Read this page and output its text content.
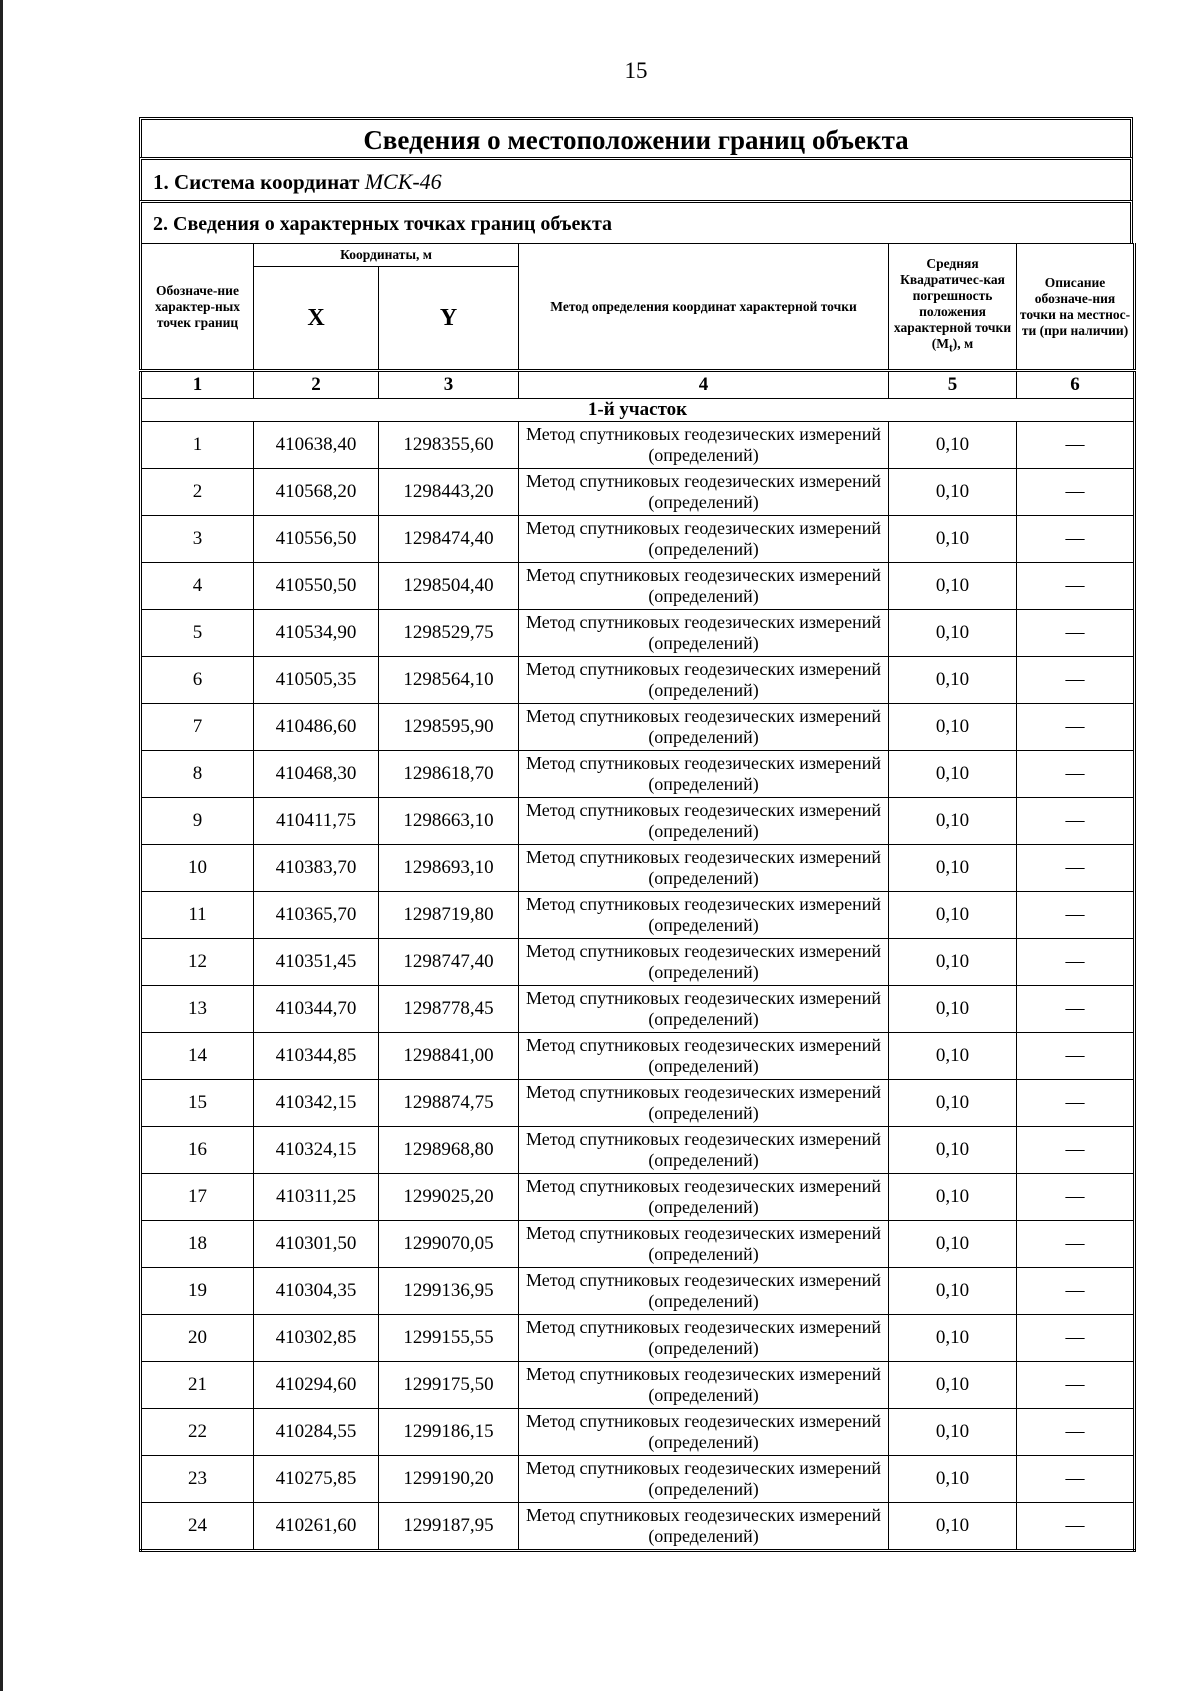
15
Сведения о местоположении границ объекта
1. Система координат МСК-46
2. Сведения о характерных точках границ объекта
Обозначе-ние характер-ных точек границ	Координаты, м		Метод определения координат характерной точки	Средняя Квадратичес-кая погрешность положения характерной точки $(M_t)$, м	Описание обозначе-ния точки на местнос-ти (при наличии)
	X	Y			
1	2	3	4	5	6
1-й участок					
1	410638,40	1298355,60	Метод спутниковых геодезических измерений (определений)	0,10	—
2	410568,20	1298443,20	Метод спутниковых геодезических измерений (определений)	0,10	—
3	410556,50	1298474,40	Метод спутниковых геодезических измерений (определений)	0,10	—
4	410550,50	1298504,40	Метод спутниковых геодезических измерений (определений)	0,10	—
5	410534,90	1298529,75	Метод спутниковых геодезических измерений (определений)	0,10	—
6	410505,35	1298564,10	Метод спутниковых геодезических измерений (определений)	0,10	—
7	410486,60	1298595,90	Метод спутниковых геодезических измерений (определений)	0,10	—
8	410468,30	1298618,70	Метод спутниковых геодезических измерений (определений)	0,10	—
9	410411,75	1298663,10	Метод спутниковых геодезических измерений (определений)	0,10	—
10	410383,70	1298693,10	Метод спутниковых геодезических измерений (определений)	0,10	—
11	410365,70	1298719,80	Метод спутниковых геодезических измерений (определений)	0,10	—
12	410351,45	1298747,40	Метод спутниковых геодезических измерений (определений)	0,10	—
13	410344,70	1298778,45	Метод спутниковых геодезических измерений (определений)	0,10	—
14	410344,85	1298841,00	Метод спутниковых геодезических измерений (определений)	0,10	—
15	410342,15	1298874,75	Метод спутниковых геодезических измерений (определений)	0,10	—
16	410324,15	1298968,80	Метод спутниковых геодезических измерений (определений)	0,10	—
17	410311,25	1299025,20	Метод спутниковых геодезических измерений (определений)	0,10	—
18	410301,50	1299070,05	Метод спутниковых геодезических измерений (определений)	0,10	—
19	410304,35	1299136,95	Метод спутниковых геодезических измерений (определений)	0,10	—
20	410302,85	1299155,55	Метод спутниковых геодезических измерений (определений)	0,10	—
21	410294,60	1299175,50	Метод спутниковых геодезических измерений (определений)	0,10	—
22	410284,55	1299186,15	Метод спутниковых геодезических измерений (определений)	0,10	—
23	410275,85	1299190,20	Метод спутниковых геодезических измерений (определений)	0,10	—
24	410261,60	1299187,95	Метод спутниковых геодезических измерений (определений)	0,10	—
